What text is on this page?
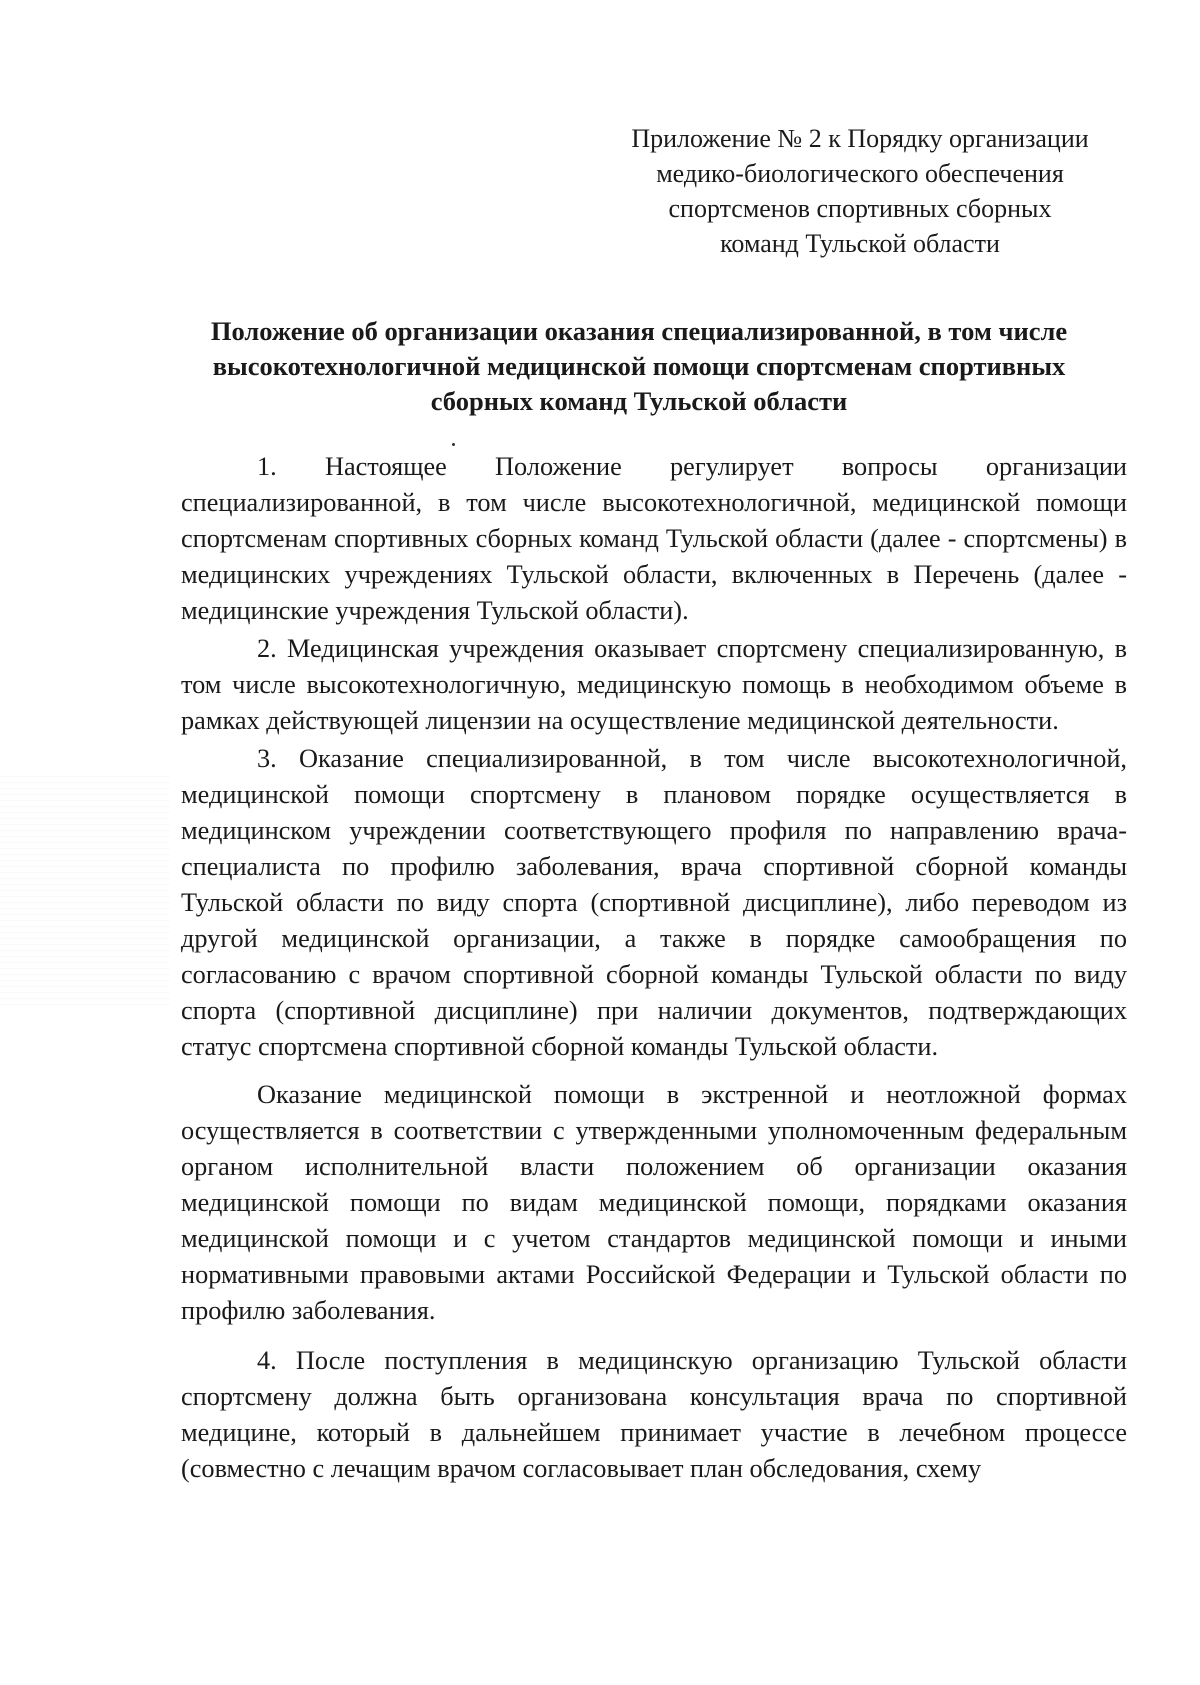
Приложение № 2 к Порядку организации
медико-биологического обеспечения
спортсменов спортивных сборных
команд Тульской области
Положение об организации оказания специализированной, в том числе
высокотехнологичной медицинской помощи спортсменам спортивных
сборных команд Тульской области

1. Настоящее Положение регулирует вопросы организации специализированной, в том числе высокотехнологичной, медицинской помощи спортсменам спортивных сборных команд Тульской области (далее - спортсмены) в медицинских учреждениях Тульской области, включенных в Перечень (далее - медицинские учреждения Тульской области).

2. Медицинская учреждения оказывает спортсмену специализированную, в том числе высокотехнологичную, медицинскую помощь в необходимом объеме в рамках действующей лицензии на осуществление медицинской деятельности.

3. Оказание специализированной, в том числе высокотехнологичной, медицинской помощи спортсмену в плановом порядке осуществляется в медицинском учреждении соответствующего профиля по направлению врача-специалиста по профилю заболевания, врача спортивной сборной команды Тульской области по виду спорта (спортивной дисциплине), либо переводом из другой медицинской организации, а также в порядке самообращения по согласованию с врачом спортивной сборной команды Тульской области по виду спорта (спортивной дисциплине) при наличии документов, подтверждающих статус спортсмена спортивной сборной команды Тульской области.

Оказание медицинской помощи в экстренной и неотложной формах осуществляется в соответствии с утвержденными уполномоченным федеральным органом исполнительной власти положением об организации оказания медицинской помощи по видам медицинской помощи, порядками оказания медицинской помощи и с учетом стандартов медицинской помощи и иными нормативными правовыми актами Российской Федерации и Тульской области по профилю заболевания.

4. После поступления в медицинскую организацию Тульской области спортсмену должна быть организована консультация врача по спортивной медицине, который в дальнейшем принимает участие в лечебном процессе (совместно с лечащим врачом согласовывает план обследования, схему
